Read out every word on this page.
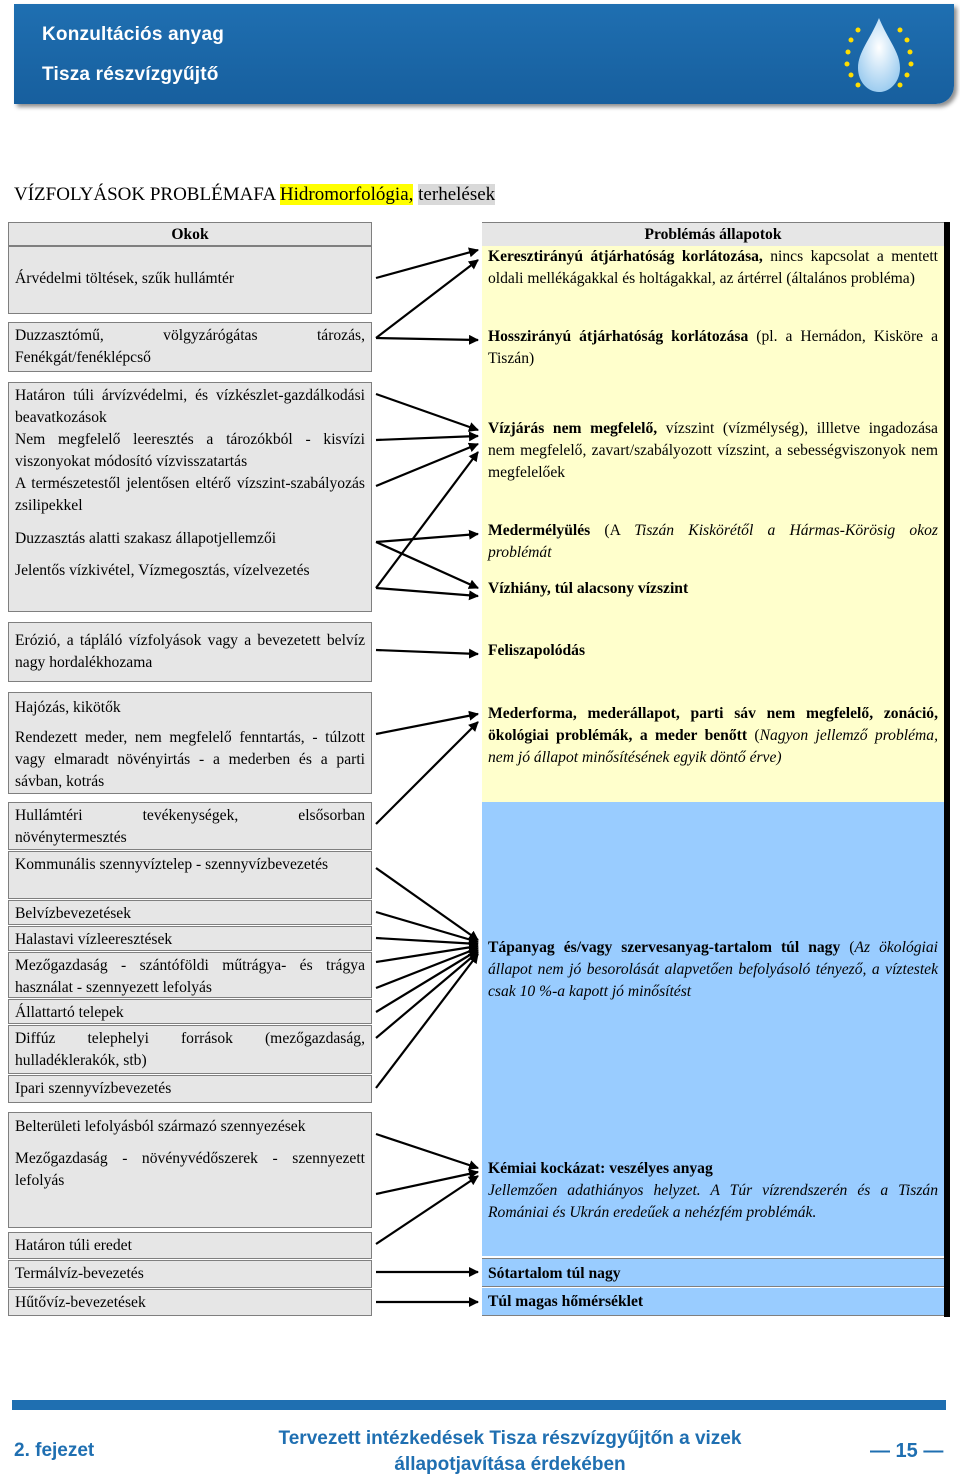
Konzultációs anyag
Tisza részvízgyűjtő
VÍZFOLYÁSOK PROBLÉMAFA Hidromorfológia, terhelések
Okok
Árvédelmi töltések, szűk hullámtér
Duzzasztómű, völgyzárógátas tározás, Fenékgát/fenéklépcső
Határon túli árvízvédelmi, és vízkészlet-gazdálkodási beavatkozások
Nem megfelelő leeresztés a tározókból - kisvízi viszonyokat módosító vízvisszatartás
A természetestől jelentősen eltérő vízszint-szabályozás zsilipekkel
Duzzasztás alatti szakasz állapotjellemzői
Jelentős vízkivétel, Vízmegosztás, vízelvezetés
Erózió, a tápláló vízfolyások vagy a bevezetett belvíz nagy hordalékhozama
Hajózás, kikötők
Rendezett meder, nem megfelelő fenntartás, - túlzott vagy elmaradt növényirtás - a mederben és a parti sávban, kotrás
Hullámtéri tevékenységek, elsősorban növénytermesztés
Kommunális szennyvíztelep - szennyvízbevezetés
Belvízbevezetések
Halastavi vízleeresztések
Mezőgazdaság - szántóföldi műtrágya- és trágya használat - szennyezett lefolyás
Állattartó telepek
Diffúz telephelyi források (mezőgazdaság, hulladéklerakók, stb)
Ipari szennyvízbevezetés
Belterületi lefolyásból származó szennyezések
Mezőgazdaság - növényvédőszerek - szennyezett lefolyás
Határon túli eredet
Termálvíz-bevezetés
Hűtővíz-bevezetések
Problémás állapotok
Keresztirányú átjárhatóság korlátozása, nincs kapcsolat a mentett oldali mellékágakkal és holtágakkal, az ártérrel (általános probléma)
Hosszirányú átjárhatóság korlátozása (pl. a Hernádon, Kisköre a Tiszán)
Vízjárás nem megfelelő, vízszint (vízmélység), illletve ingadozása nem megfelelő, zavart/szabályozott vízszint, a sebességviszonyok nem megfelelőek
Medermélyülés (A Tiszán Kiskörétől a Hármas-Körösig okoz problémát
Vízhiány, túl alacsony vízszint
Feliszapolódás
Mederforma, mederállapot, parti sáv nem megfelelő, zonáció, ökológiai problémák, a meder benőtt (Nagyon jellemző probléma, nem jó állapot minősítésének egyik döntő érve)
Tápanyag és/vagy szervesanyag-tartalom túl nagy (Az ökológiai állapot nem jó besorolását alapvetően befolyásoló tényező, a víztestek csak 10 %-a kapott jó minősítést
Kémiai kockázat: veszélyes anyag
Jellemzően adathiányos helyzet. A Túr vízrendszerén és a Tiszán Romániai és Ukrán eredeűek a nehézfém problémák.
Sótartalom túl nagy
Túl magas hőmérséklet
2. fejezet
Tervezett intézkedések Tisza részvízgyűjtőn a vizek állapotjavítása érdekében
— 15 —
